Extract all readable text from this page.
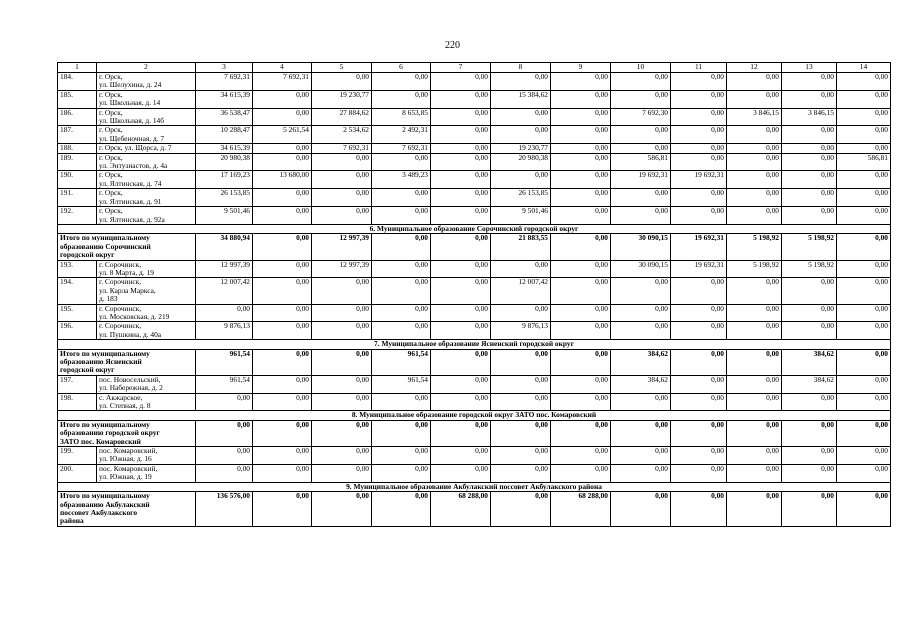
220
1	2	3	4	5	6	7	8	9	10	11	12	13	14
184.	г. Орск,
ул. Шелухина, д. 24	7 692,31	7 692,31	0,00	0,00	0,00	0,00	0,00	0,00	0,00	0,00	0,00	0,00
185.	г. Орск,
ул. Школьная, д. 14	34 615,39	0,00	19 230,77	0,00	0,00	15 384,62	0,00	0,00	0,00	0,00	0,00	0,00
186.	г. Орск,
ул. Школьная, д. 14б	36 538,47	0,00	27 884,62	8 653,85	0,00	0,00	0,00	7 692,30	0,00	3 846,15	3 846,15	0,00
187.	г. Орск,
ул. Щебеночная, д. 7	10 288,47	5 261,54	2 534,62	2 492,31	0,00	0,00	0,00	0,00	0,00	0,00	0,00	0,00
188.	г. Орск, ул. Щорса, д. 7	34 615,39	0,00	7 692,31	7 692,31	0,00	19 230,77	0,00	0,00	0,00	0,00	0,00	0,00
189.	г. Орск,
ул. Энтузиастов, д. 4а	20 980,38	0,00	0,00	0,00	0,00	20 980,38	0,00	586,81	0,00	0,00	0,00	586,81
190.	г. Орск,
ул. Ялтинская, д. 74	17 169,23	13 680,00	0,00	3 489,23	0,00	0,00	0,00	19 692,31	19 692,31	0,00	0,00	0,00
191.	г. Орск,
ул. Ялтинская, д. 91	26 153,85	0,00	0,00	0,00	0,00	26 153,85	0,00	0,00	0,00	0,00	0,00	0,00
192.	г. Орск,
ул. Ялтинская, д. 92а	9 501,46	0,00	0,00	0,00	0,00	9 501,46	0,00	0,00	0,00	0,00	0,00	0,00
6. Муниципальное образование Сорочинский городской округ													

Итого по муниципальному
образованию Сорочинский
городской округ		34 880,94	0,00	12 997,39	0,00	0,00	21 883,55	0,00	30 090,15	19 692,31	5 198,92	5 198,92	0,00
193.	г. Сорочинск,
ул. 8 Марта, д. 19	12 997,39	0,00	12 997,39	0,00	0,00	0,00	0,00	30 090,15	19 692,31	5 198,92	5 198,92	0,00
194.	г. Сорочинск,
ул. Карла Маркса,
д. 183	12 007,42	0,00	0,00	0,00	0,00	12 007,42	0,00	0,00	0,00	0,00	0,00	0,00
195.	г. Сорочинск,
ул. Московская, д. 219	0,00	0,00	0,00	0,00	0,00	0,00	0,00	0,00	0,00	0,00	0,00	0,00
196.	г. Сорочинск,
ул. Пушкина, д. 40а	9 876,13	0,00	0,00	0,00	0,00	9 876,13	0,00	0,00	0,00	0,00	0,00	0,00
7. Муниципальное образование Ясненский городской округ													

Итого по муниципальному
образованию Ясненский
городской округ		961,54	0,00	0,00	961,54	0,00	0,00	0,00	384,62	0,00	0,00	384,62	0,00
197.	пос. Новосельский,
ул. Набережная, д. 2	961,54	0,00	0,00	961,54	0,00	0,00	0,00	384,62	0,00	0,00	384,62	0,00
198.	с. Акжарское,
ул. Степная, д. 8	0,00	0,00	0,00	0,00	0,00	0,00	0,00	0,00	0,00	0,00	0,00	0,00
8. Муниципальное образование городской округ ЗАТО пос. Комаровский													

Итого по муниципальному
образованию городской округ
ЗАТО пос. Комаровский		0,00	0,00	0,00	0,00	0,00	0,00	0,00	0,00	0,00	0,00	0,00	0,00
199.	пос. Комаровский,
ул. Южная, д. 16	0,00	0,00	0,00	0,00	0,00	0,00	0,00	0,00	0,00	0,00	0,00	0,00
200.	пос. Комаровский,
ул. Южная, д. 19	0,00	0,00	0,00	0,00	0,00	0,00	0,00	0,00	0,00	0,00	0,00	0,00
9. Муниципальное образование Акбулакский поссовет Акбулакского района													

Итого по муниципальному
образованию Акбулакский
поссовет Акбулакского
района		136 576,00	0,00	0,00	0,00	68 288,00	0,00	68 288,00	0,00	0,00	0,00	0,00	0,00
